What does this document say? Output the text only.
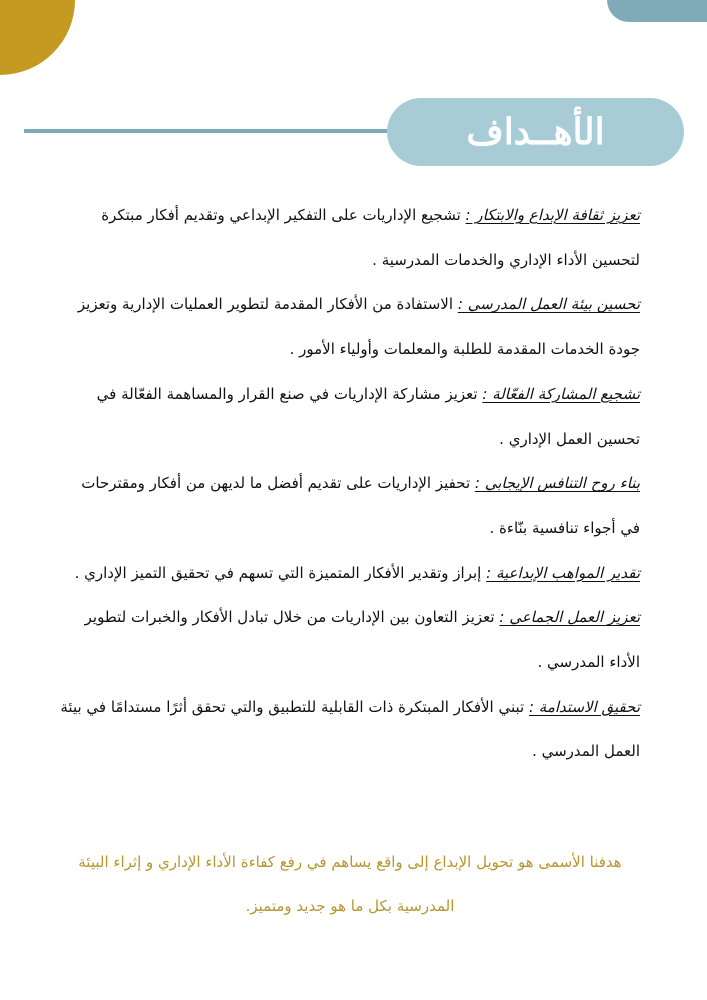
الأهــداف

تعزيز ثقافة الإبداع والابتكار : تشجيع الإداريات على التفكير الإبداعي وتقديم أفكار مبتكرة لتحسين الأداء الإداري والخدمات المدرسية .

تحسين بيئة العمل المدرسي : الاستفادة من الأفكار المقدمة لتطوير العمليات الإدارية وتعزيز جودة الخدمات المقدمة للطلبة والمعلمات وأولياء الأمور .

تشجيع المشاركة الفعّالة : تعزيز مشاركة الإداريات في صنع القرار والمساهمة الفعّالة في تحسين العمل الإداري .

بناء روح التنافس الإيجابي : تحفيز الإداريات على تقديم أفضل ما لديهن من أفكار ومقترحات في أجواء تنافسية بنّاءة .

تقدير المواهب الإبداعية : إبراز وتقدير الأفكار المتميزة التي تسهم في تحقيق التميز الإداري .

تعزيز العمل الجماعي : تعزيز التعاون بين الإداريات من خلال تبادل الأفكار والخبرات لتطوير الأداء المدرسي .

تحقيق الاستدامة : تبني الأفكار المبتكرة ذات القابلية للتطبيق والتي تحقق أثرًا مستدامًا في بيئة العمل المدرسي .

هدفنا الأسمى هو تحويل الإبداع إلى واقع يساهم في رفع كفاءة الأداء الإداري و إثراء البيئة المدرسية بكل ما هو جديد ومتميز.
